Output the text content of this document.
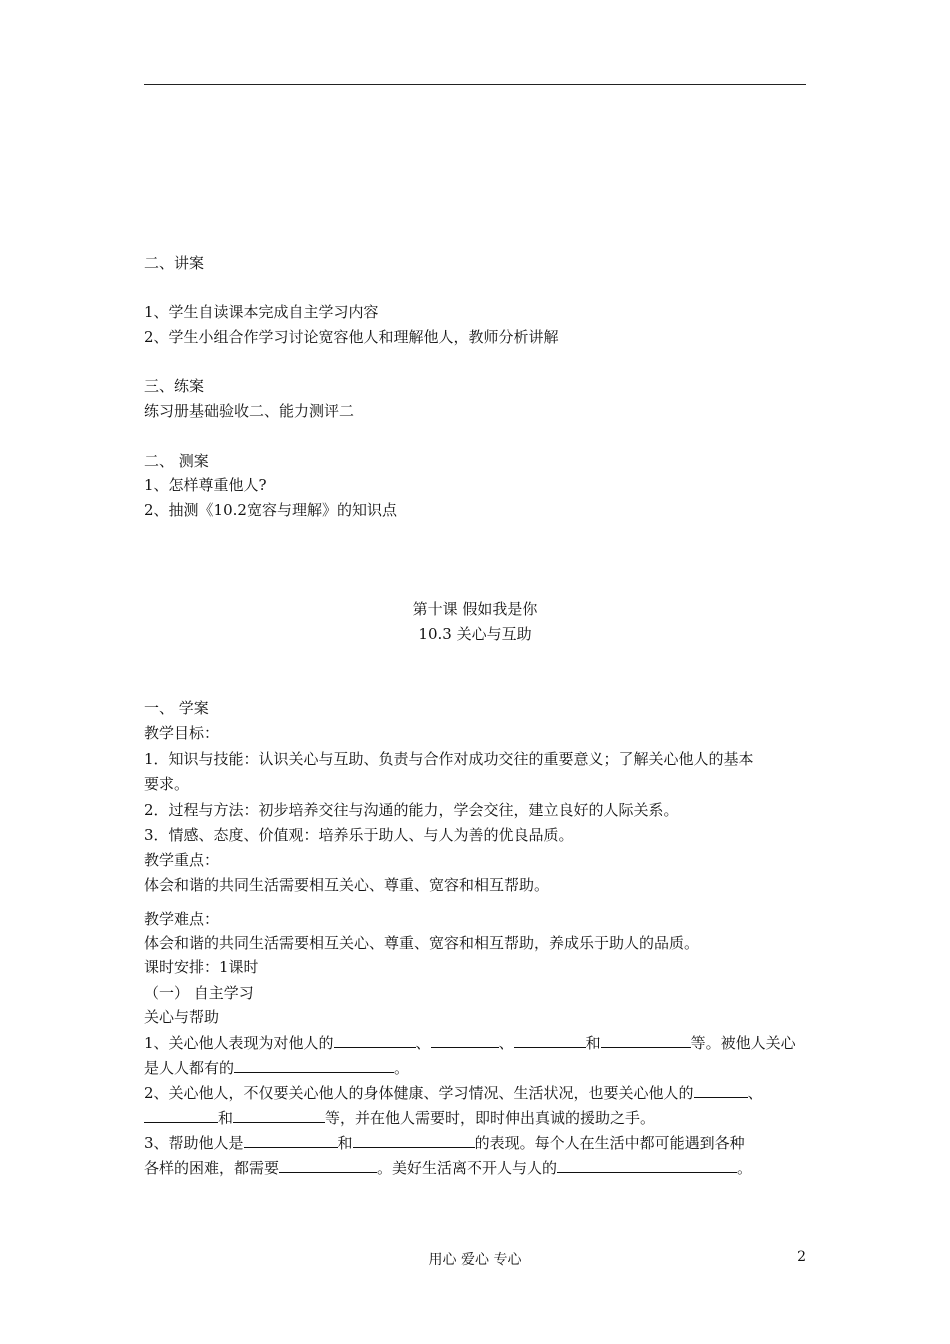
二、讲案
1、学生自读课本完成自主学习内容
2、学生小组合作学习讨论宽容他人和理解他人，教师分析讲解
三、练案
练习册基础验收二、能力测评二
二、 测案
1、怎样尊重他人?
2、抽测《10.2宽容与理解》的知识点
第十课 假如我是你
10.3 关心与互助
一、 学案
教学目标：
1．知识与技能：认识关心与互助、负责与合作对成功交往的重要意义；了解关心他人的基本
要求。
2．过程与方法：初步培养交往与沟通的能力，学会交往，建立良好的人际关系。
3．情感、态度、价值观：培养乐于助人、与人为善的优良品质。
教学重点：
体会和谐的共同生活需要相互关心、尊重、宽容和相互帮助。
教学难点：
体会和谐的共同生活需要相互关心、尊重、宽容和相互帮助，养成乐于助人的品质。
课时安排：1课时
（一） 自主学习
关心与帮助
1、关心他人表现为对他人的	、	、	和	等。被他人关心
是人人都有的	。
2、关心他人，不仅要关心他人的身体健康、学习情况、生活状况，也要关心他人的	、
和	等，并在他人需要时，即时伸出真诚的援助之手。
3、帮助他人是	和	的表现。每个人在生活中都可能遇到各种
各样的困难，都需要	。美好生活离不开人与人的	。
用心 爱心 专心	2
